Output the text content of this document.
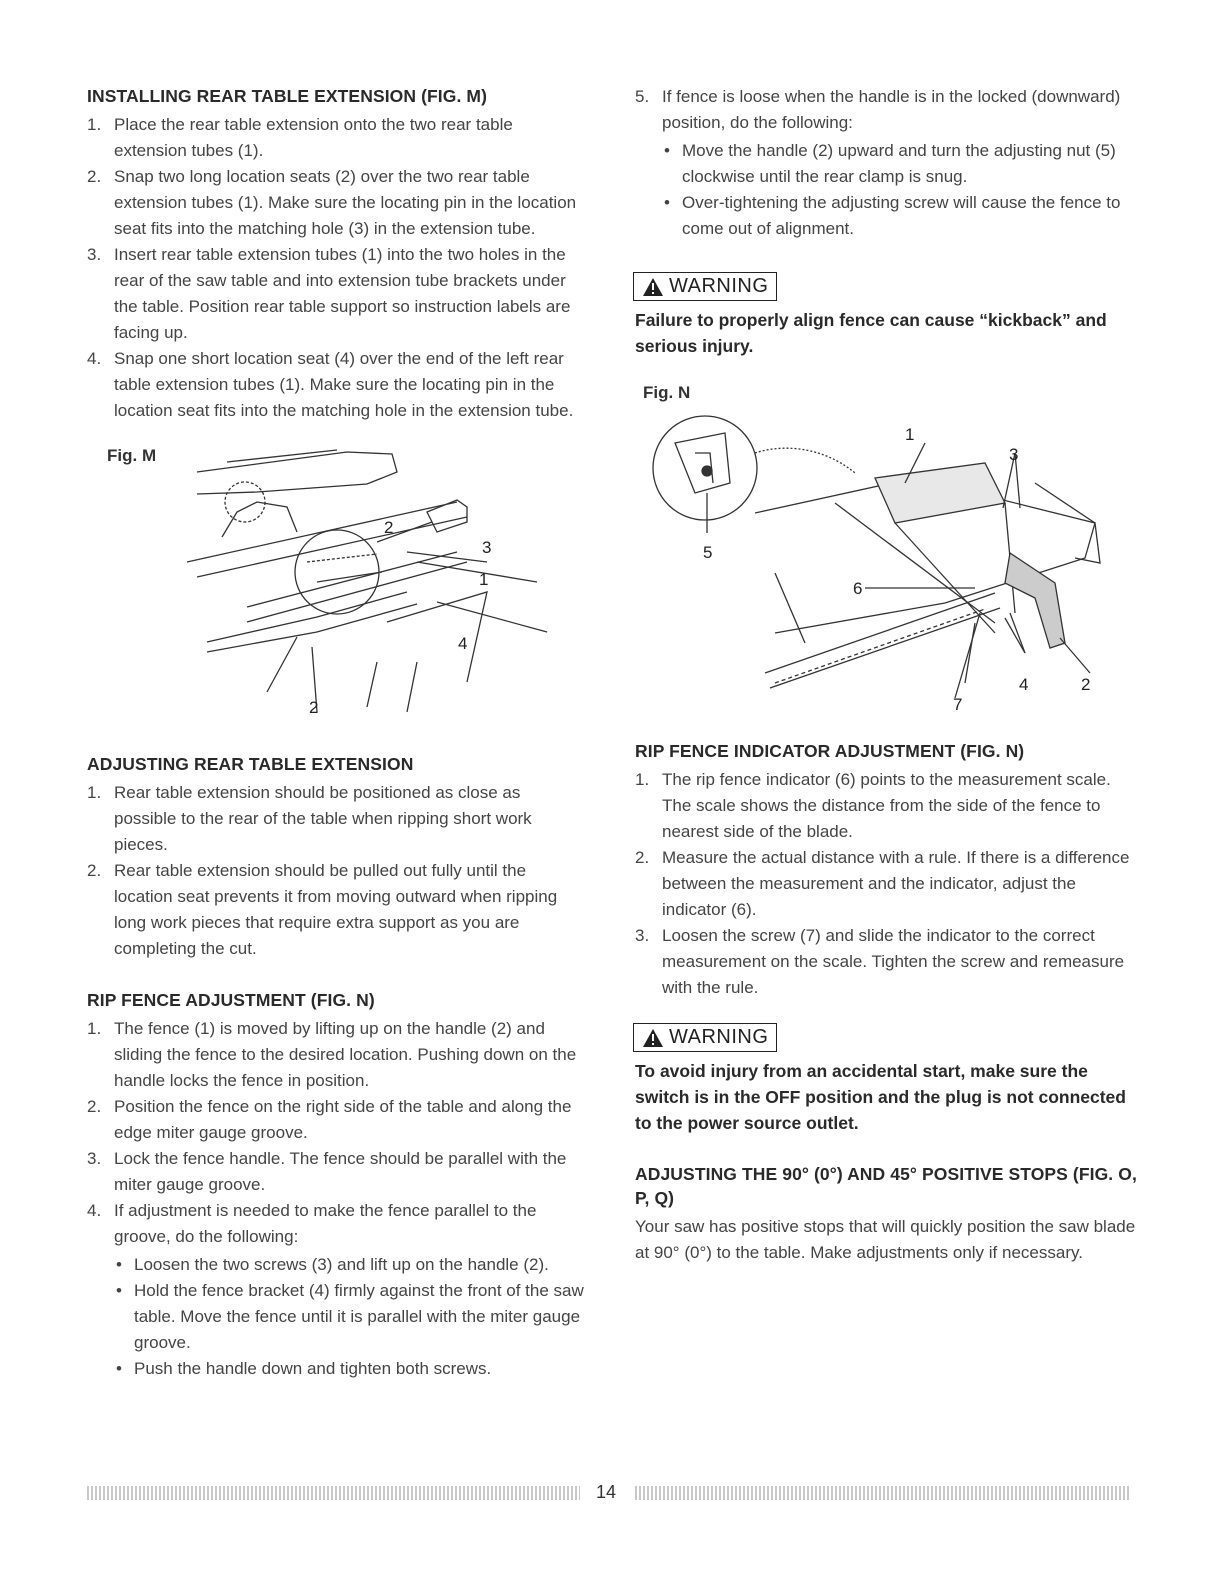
INSTALLING REAR TABLE EXTENSION (FIG. M)
1. Place the rear table extension onto the two rear table extension tubes (1).
2. Snap two long location seats (2) over the two rear table extension tubes (1). Make sure the locating pin in the location seat fits into the matching hole (3) in the extension tube.
3. Insert rear table extension tubes (1) into the two holes in the rear of the saw table and into extension tube brackets under the table. Position rear table support so instruction labels are facing up.
4. Snap one short location seat (4) over the end of the left rear table extension tubes (1). Make sure the locating pin in the location seat fits into the matching hole in the extension tube.
Fig. M
2
3
1
4
2
ADJUSTING REAR TABLE EXTENSION
1. Rear table extension should be positioned as close as possible to the rear of the table when ripping short work pieces.
2. Rear table extension should be pulled out fully until the location seat prevents it from moving outward when ripping long work pieces that require extra support as you are completing the cut.
RIP FENCE ADJUSTMENT (FIG. N)
1. The fence (1) is moved by lifting up on the handle (2) and sliding the fence to the desired location. Pushing down on the handle locks the fence in position.
2. Position the fence on the right side of the table and along the edge miter gauge groove.
3. Lock the fence handle. The fence should be parallel with the miter gauge groove.
4. If adjustment is needed to make the fence parallel to the groove, do the following:
• Loosen the two screws (3) and lift up on the handle (2).
• Hold the fence bracket (4) firmly against the front of the saw table. Move the fence until it is parallel with the miter gauge groove.
• Push the handle down and tighten both screws.
5. If fence is loose when the handle is in the locked (downward) position, do the following:
• Move the handle (2) upward and turn the adjusting nut (5) clockwise until the rear clamp is snug.
• Over-tightening the adjusting screw will cause the fence to come out of alignment.
WARNING

Failure to properly align fence can cause “kickback” and serious injury.

Fig. N
1
3
5
6
4	2
7
RIP FENCE INDICATOR ADJUSTMENT (FIG. N)
1. The rip fence indicator (6) points to the measurement scale. The scale shows the distance from the side of the fence to nearest side of the blade.
2. Measure the actual distance with a rule. If there is a difference between the measurement and the indicator, adjust the indicator (6).
3. Loosen the screw (7) and slide the indicator to the correct measurement on the scale. Tighten the screw and remeasure with the rule.
WARNING

To avoid injury from an accidental start, make sure the switch is in the OFF position and the plug is not connected to the power source outlet.

ADJUSTING THE 90° (0°) AND 45° POSITIVE STOPS (FIG. O, P, Q)

Your saw has positive stops that will quickly position the saw blade at 90° (0°) to the table. Make adjustments only if necessary.

14
